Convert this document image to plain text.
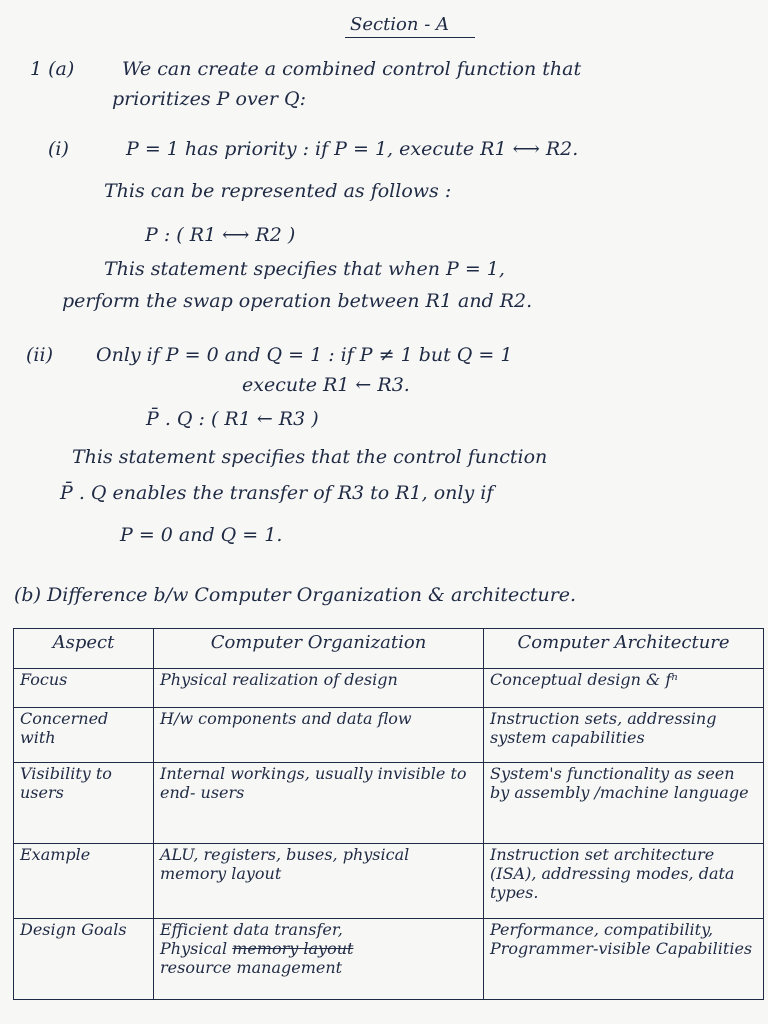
Section - A
1 (a)	We can create a combined control function that
prioritizes P over Q:
(i)	P = 1 has priority : if P = 1, execute R1 ⟷ R2.
This can be represented as follows :
P : ( R1 ⟷ R2 )
This statement specifies that when P = 1,
perform the swap operation between R1 and R2.
(ii) Only if P = 0 and Q = 1 : if P ≠ 1 but Q = 1
execute R1 ← R3.
P̄ . Q : ( R1 ← R3 )
This statement specifies that the control function
P̄ . Q enables the transfer of R3 to R1, only if
P = 0 and Q = 1.
(b) Difference b/w Computer Organization & architecture.
Aspect	Computer Organization	Computer Architecture
Focus	Physical realization of design	Conceptual design & fⁿ
Concerned with	H/w components and data flow	Instruction sets, addressing system capabilities
Visibility to users	Internal workings, usually invisible to end- users	System's functionality as seen by assembly /machine language
Example	ALU, registers, buses, physical memory layout	Instruction set architecture (ISA), addressing modes, data types.
Design Goals	Efficient data transfer,
Physical memory layout
resource management	Performance, compatibility, Programmer-visible Capabilities
